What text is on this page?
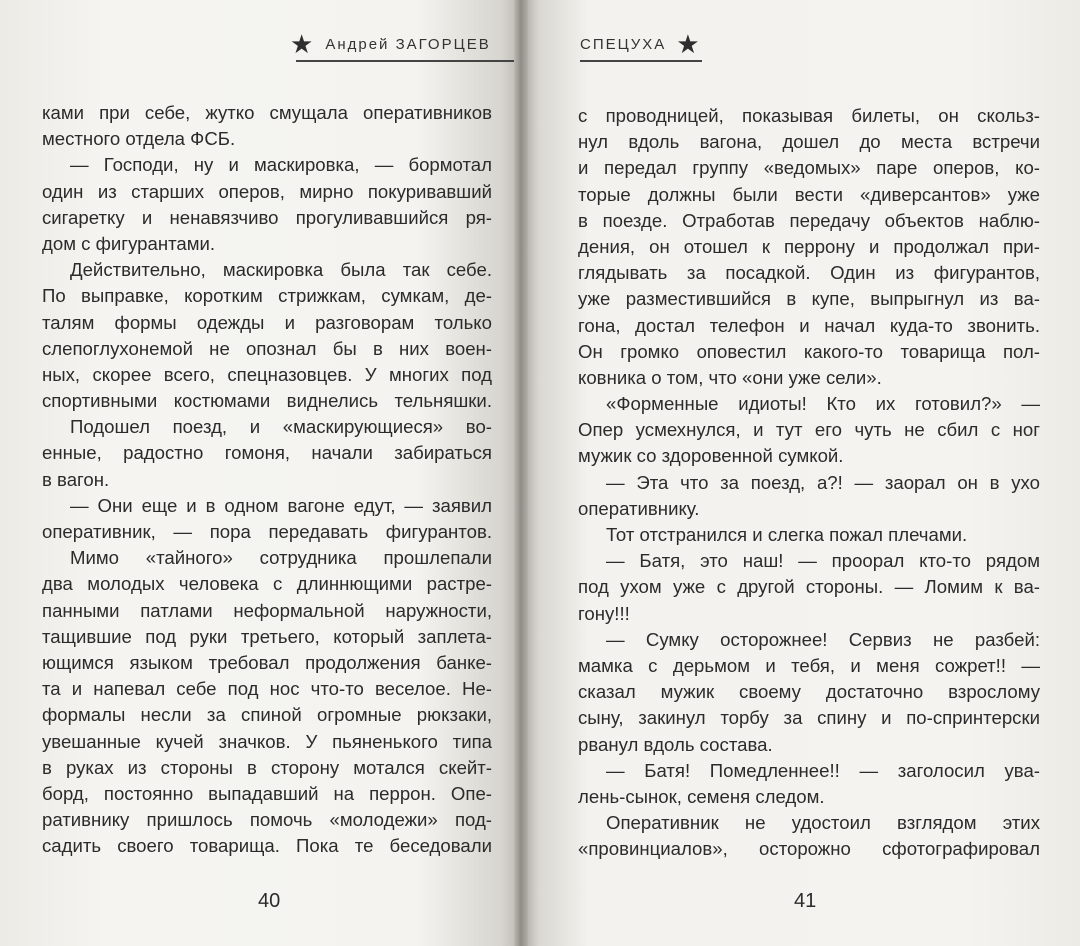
★ Андрей ЗАГОРЦЕВ
ками при себе, жутко смущала оперативников
местного отдела ФСБ.
— Господи, ну и маскировка, — бормотал
один из старших оперов, мирно покуривавший
сигаретку и ненавязчиво прогуливавшийся ря-
дом с фигурантами.
Действительно, маскировка была так себе.
По выправке, коротким стрижкам, сумкам, де-
талям формы одежды и разговорам только
слепоглухонемой не опознал бы в них воен-
ных, скорее всего, спецназовцев. У многих под
спортивными костюмами виднелись тельняшки.
Подошел поезд, и «маскирующиеся» во-
енные, радостно гомоня, начали забираться
в вагон.
— Они еще и в одном вагоне едут, — заявил
оперативник, — пора передавать фигурантов.
Мимо «тайного» сотрудника прошлепали
два молодых человека с длиннющими растре-
панными патлами неформальной наружности,
тащившие под руки третьего, который заплета-
ющимся языком требовал продолжения банке-
та и напевал себе под нос что-то веселое. Не-
формалы несли за спиной огромные рюкзаки,
увешанные кучей значков. У пьяненького типа
в руках из стороны в сторону мотался скейт-
борд, постоянно выпадавший на перрон. Опе-
ративнику пришлось помочь «молодежи» под-
садить своего товарища. Пока те беседовали
40
СПЕЦУХА ★
с проводницей, показывая билеты, он скольз-
нул вдоль вагона, дошел до места встречи
и передал группу «ведомых» паре оперов, ко-
торые должны были вести «диверсантов» уже
в поезде. Отработав передачу объектов наблю-
дения, он отошел к перрону и продолжал при-
глядывать за посадкой. Один из фигурантов,
уже разместившийся в купе, выпрыгнул из ва-
гона, достал телефон и начал куда-то звонить.
Он громко оповестил какого-то товарища пол-
ковника о том, что «они уже сели».
«Форменные идиоты! Кто их готовил?» —
Опер усмехнулся, и тут его чуть не сбил с ног
мужик со здоровенной сумкой.
— Эта что за поезд, а?! — заорал он в ухо
оперативнику.
Тот отстранился и слегка пожал плечами.
— Батя, это наш! — проорал кто-то рядом
под ухом уже с другой стороны. — Ломим к ва-
гону!!!
— Сумку осторожнее! Сервиз не разбей:
мамка с дерьмом и тебя, и меня сожрет!! —
сказал мужик своему достаточно взрослому
сыну, закинул торбу за спину и по-спринтерски
рванул вдоль состава.
— Батя! Помедленнее!! — заголосил ува-
лень-сынок, семеня следом.
Оперативник не удостоил взглядом этих
«провинциалов», осторожно сфотографировал
41
